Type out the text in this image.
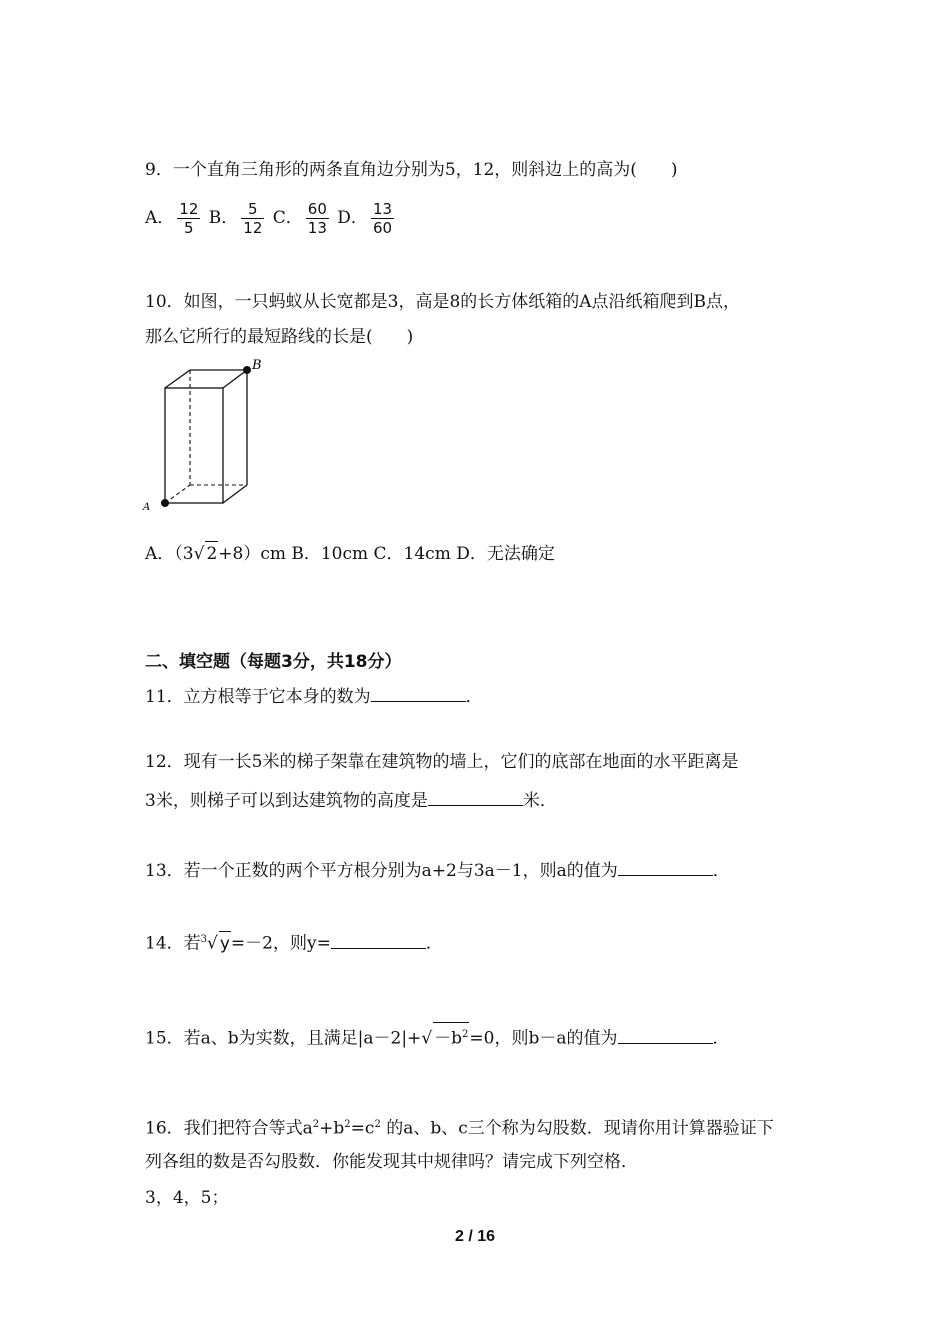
9．一个直角三角形的两条直角边分别为5，12，则斜边上的高为(　　)
A． $\frac{12}{5}$ B． $\frac{5}{12}$ C． $\frac{60}{13}$ D． $\frac{13}{60}$
10．如图，一只蚂蚁从长宽都是3，高是8的长方体纸箱的A点沿纸箱爬到B点，
那么它所行的最短路线的长是(　　)
B
A
A．（3√ 2+8）cm B．10cm C．14cm D．无法确定
二、填空题（每题3分，共18分）
11．立方根等于它本身的数为	．
12．现有一长5米的梯子架靠在建筑物的墙上，它们的底部在地面的水平距离是
3米，则梯子可以到达建筑物的高度是	米．
13．若一个正数的两个平方根分别为a+2与3a－1，则a的值为	．
14．若$^3$√ y=－2，则y=	．
15．若a、b为实数，且满足$|a-2|+√ -b^2=0$，则b－a的值为	．
16．我们把符合等式$a^2+b^2=c^2$ 的a、b、c三个称为勾股数．现请你用计算器验证下
列各组的数是否勾股数．你能发现其中规律吗？请完成下列空格．
3，4，5；
2 / 16
